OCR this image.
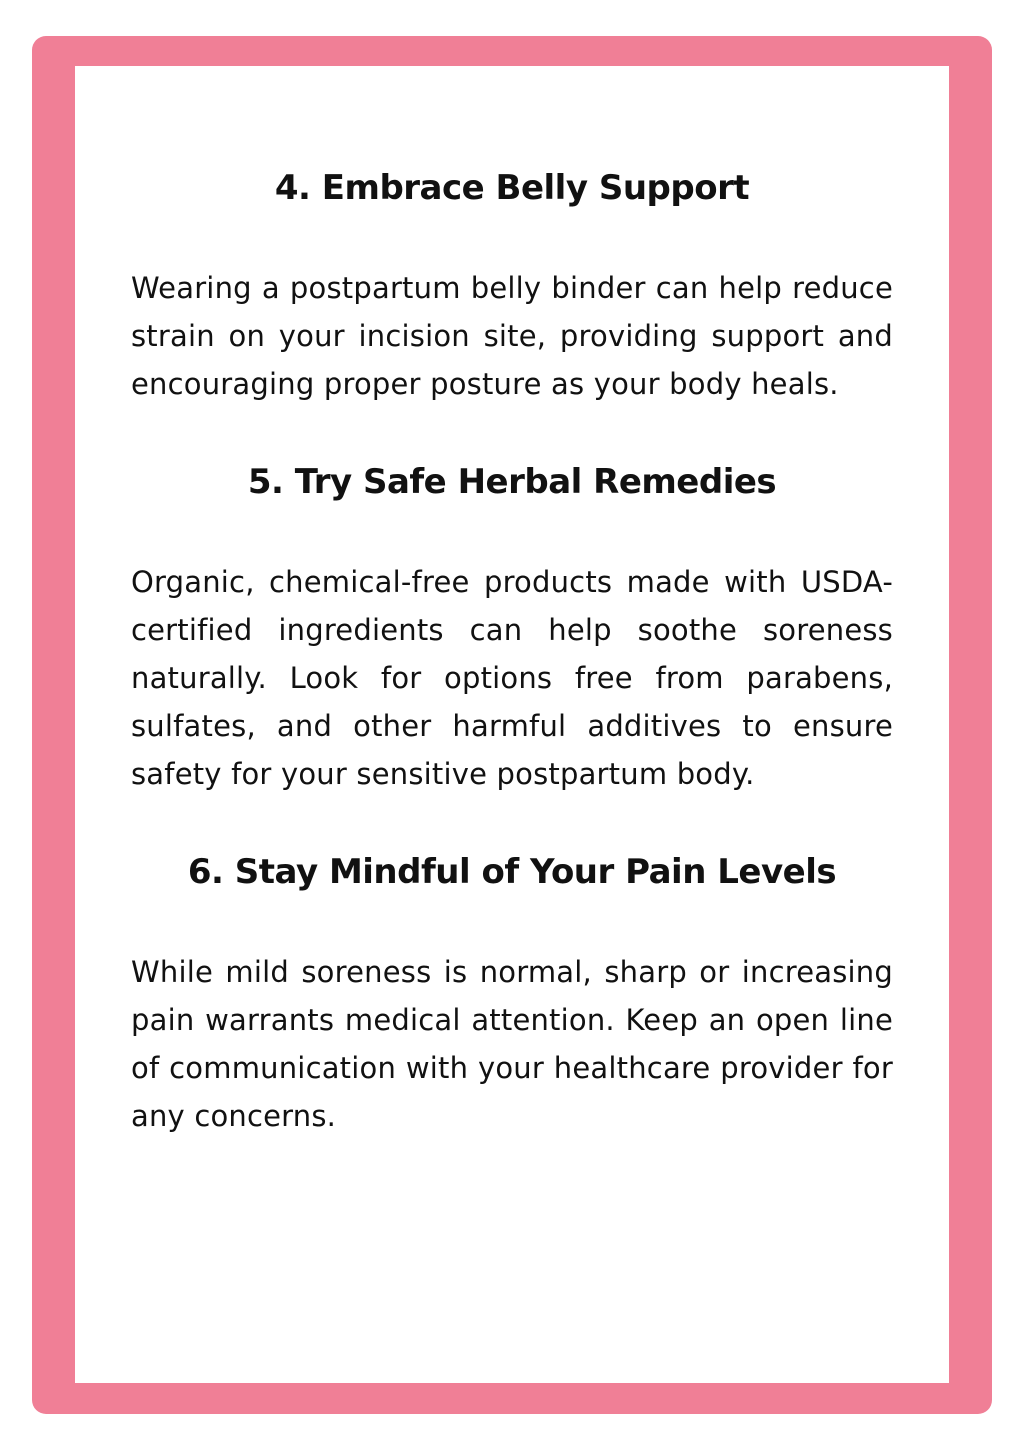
4. Embrace Belly Support

Wearing a postpartum belly binder can help reduce strain on your incision site, providing support and encouraging proper posture as your body heals.

5. Try Safe Herbal Remedies

Organic, chemical-free products made with USDA-certified ingredients can help soothe soreness naturally. Look for options free from parabens, sulfates, and other harmful additives to ensure safety for your sensitive postpartum body.

6. Stay Mindful of Your Pain Levels

While mild soreness is normal, sharp or increasing pain warrants medical attention. Keep an open line of communication with your healthcare provider for any concerns.
